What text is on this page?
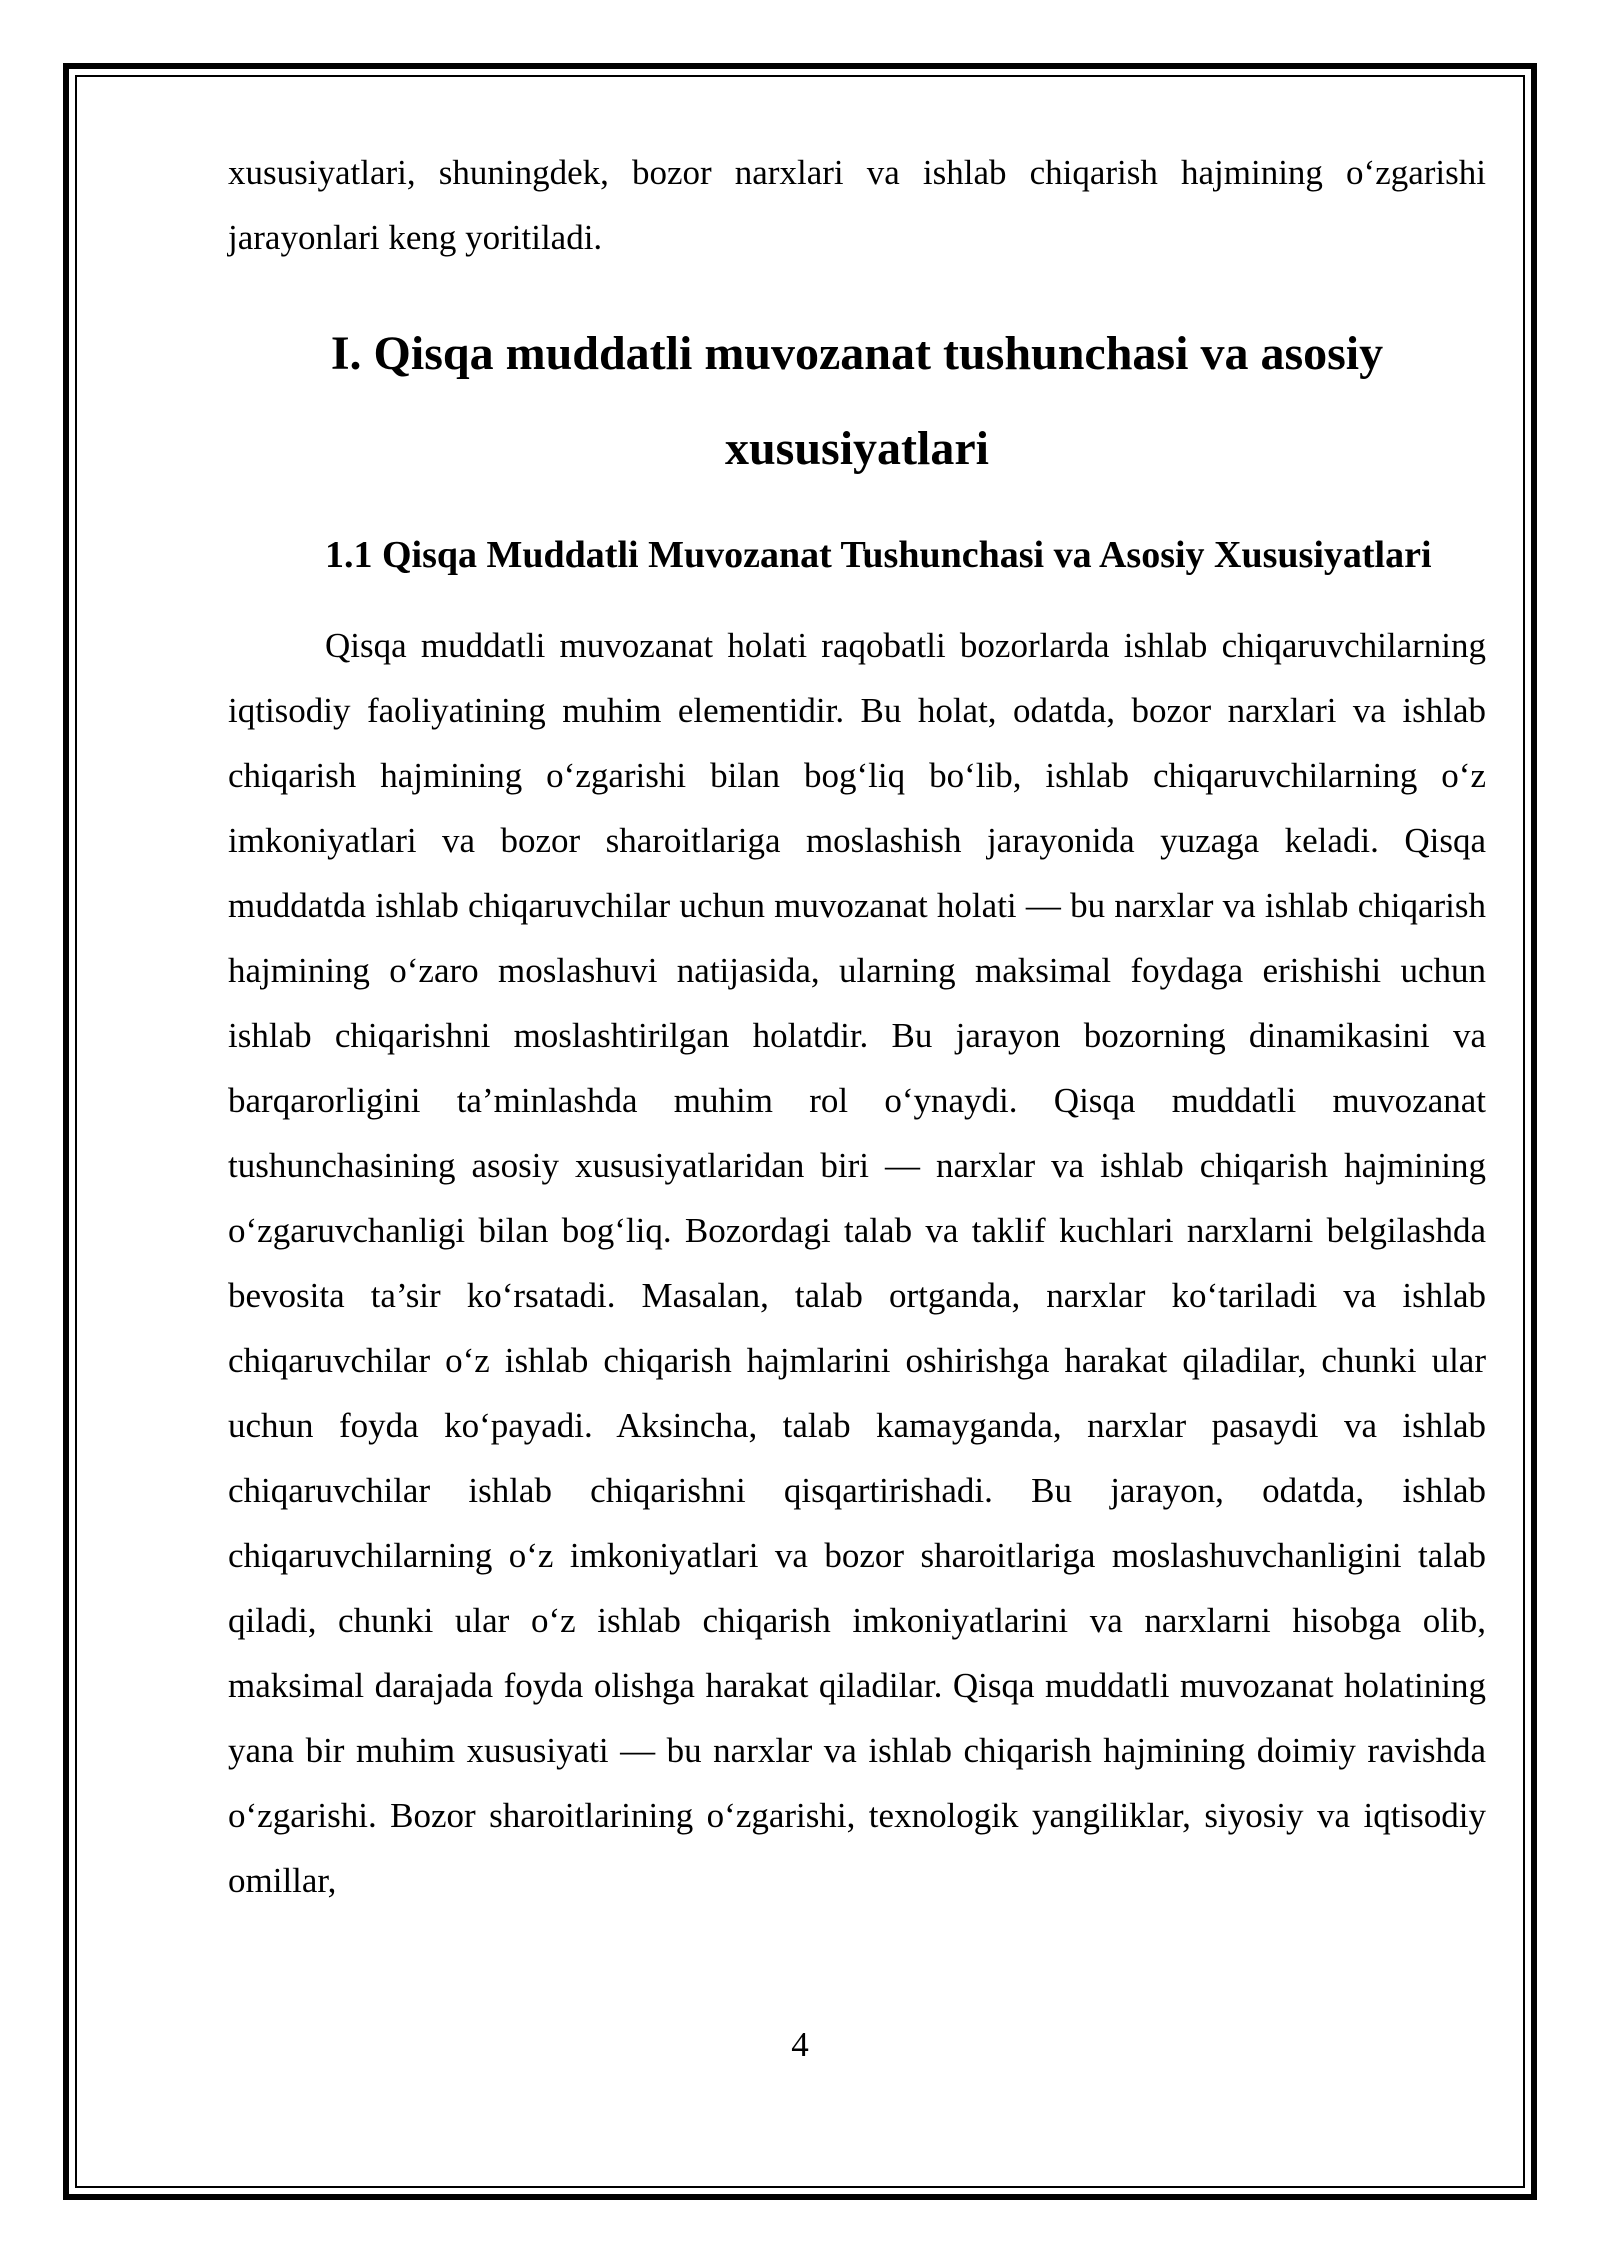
xususiyatlari, shuningdek, bozor narxlari va ishlab chiqarish hajmining o‘zgarishi jarayonlari keng yoritiladi.

I. Qisqa muddatli muvozanat tushunchasi va asosiy xususiyatlari
1.1 Qisqa Muddatli Muvozanat Tushunchasi va Asosiy Xususiyatlari

Qisqa muddatli muvozanat holati raqobatli bozorlarda ishlab chiqaruvchilarning iqtisodiy faoliyatining muhim elementidir. Bu holat, odatda, bozor narxlari va ishlab chiqarish hajmining o‘zgarishi bilan bog‘liq bo‘lib, ishlab chiqaruvchilarning o‘z imkoniyatlari va bozor sharoitlariga moslashish jarayonida yuzaga keladi. Qisqa muddatda ishlab chiqaruvchilar uchun muvozanat holati — bu narxlar va ishlab chiqarish hajmining o‘zaro moslashuvi natijasida, ularning maksimal foydaga erishishi uchun ishlab chiqarishni moslashtirilgan holatdir. Bu jarayon bozorning dinamikasini va barqarorligini ta’minlashda muhim rol o‘ynaydi. Qisqa muddatli muvozanat tushunchasining asosiy xususiyatlaridan biri — narxlar va ishlab chiqarish hajmining o‘zgaruvchanligi bilan bog‘liq. Bozordagi talab va taklif kuchlari narxlarni belgilashda bevosita ta’sir ko‘rsatadi. Masalan, talab ortganda, narxlar ko‘tariladi va ishlab chiqaruvchilar o‘z ishlab chiqarish hajmlarini oshirishga harakat qiladilar, chunki ular uchun foyda ko‘payadi. Aksincha, talab kamayganda, narxlar pasaydi va ishlab chiqaruvchilar ishlab chiqarishni qisqartirishadi. Bu jarayon, odatda, ishlab chiqaruvchilarning o‘z imkoniyatlari va bozor sharoitlariga moslashuvchanligini talab qiladi, chunki ular o‘z ishlab chiqarish imkoniyatlarini va narxlarni hisobga olib, maksimal darajada foyda olishga harakat qiladilar. Qisqa muddatli muvozanat holatining yana bir muhim xususiyati — bu narxlar va ishlab chiqarish hajmining doimiy ravishda o‘zgarishi. Bozor sharoitlarining o‘zgarishi, texnologik yangiliklar, siyosiy va iqtisodiy omillar,

4
